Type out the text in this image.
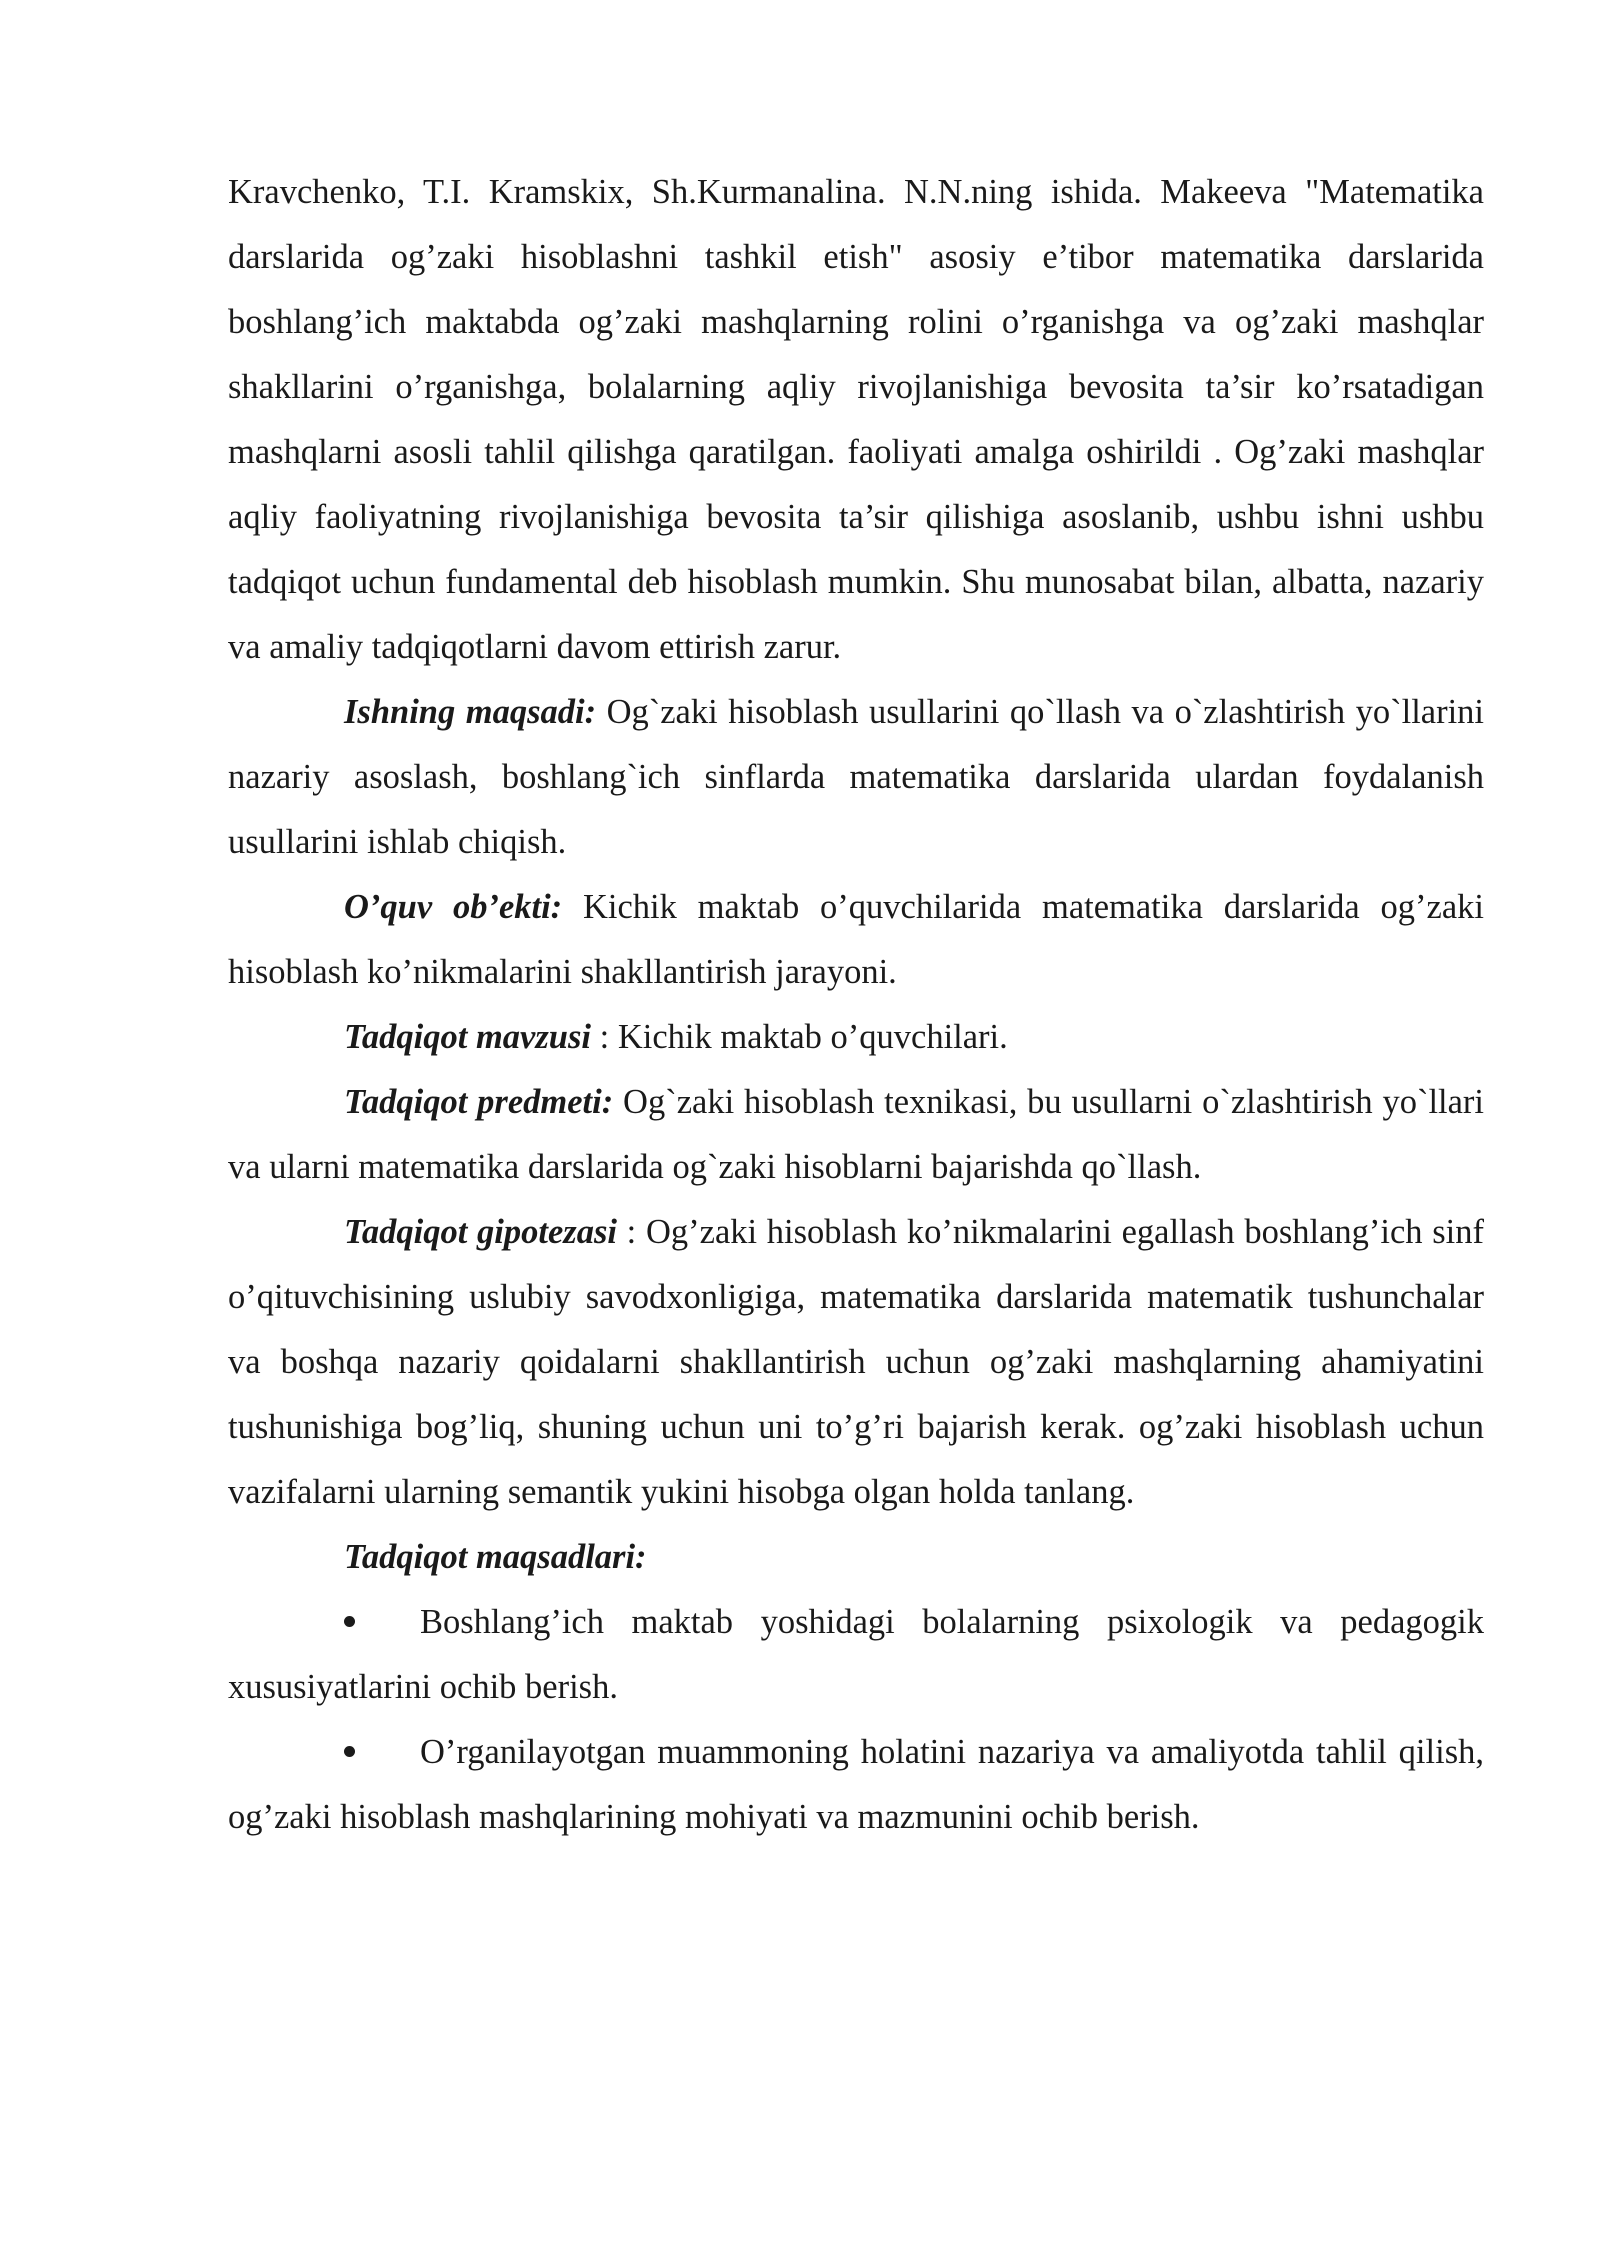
Kravchenko, T.I. Kramskix, Sh.Kurmanalina. N.N.ning ishida. Makeeva "Matematika darslarida og’zaki hisoblashni tashkil etish" asosiy e’tibor matematika darslarida boshlang’ich maktabda og’zaki mashqlarning rolini o’rganishga va og’zaki mashqlar shakllarini o’rganishga, bolalarning aqliy rivojlanishiga bevosita ta’sir ko’rsatadigan mashqlarni asosli tahlil qilishga qaratilgan. faoliyati amalga oshirildi . Og’zaki mashqlar aqliy faoliyatning rivojlanishiga bevosita ta’sir qilishiga asoslanib, ushbu ishni ushbu tadqiqot uchun fundamental deb hisoblash mumkin. Shu munosabat bilan, albatta, nazariy va amaliy tadqiqotlarni davom ettirish zarur.

Ishning maqsadi: Og`zaki hisoblash usullarini qo`llash va o`zlashtirish yo`llarini nazariy asoslash, boshlang`ich sinflarda matematika darslarida ulardan foydalanish usullarini ishlab chiqish.

O’quv ob’ekti: Kichik maktab o’quvchilarida matematika darslarida og’zaki hisoblash ko’nikmalarini shakllantirish jarayoni.

Tadqiqot mavzusi : Kichik maktab o’quvchilari.

Tadqiqot predmeti: Og`zaki hisoblash texnikasi, bu usullarni o`zlashtirish yo`llari va ularni matematika darslarida og`zaki hisoblarni bajarishda qo`llash.

Tadqiqot gipotezasi : Og’zaki hisoblash ko’nikmalarini egallash boshlang’ich sinf o’qituvchisining uslubiy savodxonligiga, matematika darslarida matematik tushunchalar va boshqa nazariy qoidalarni shakllantirish uchun og’zaki mashqlarning ahamiyatini tushunishiga bog’liq, shuning uchun uni to’g’ri bajarish kerak. og’zaki hisoblash uchun vazifalarni ularning semantik yukini hisobga olgan holda tanlang.

Tadqiqot maqsadlari:

Boshlang’ich maktab yoshidagi bolalarning psixologik va pedagogik xususiyatlarini ochib berish.

O’rganilayotgan muammoning holatini nazariya va amaliyotda tahlil qilish, og’zaki hisoblash mashqlarining mohiyati va mazmunini ochib berish.
